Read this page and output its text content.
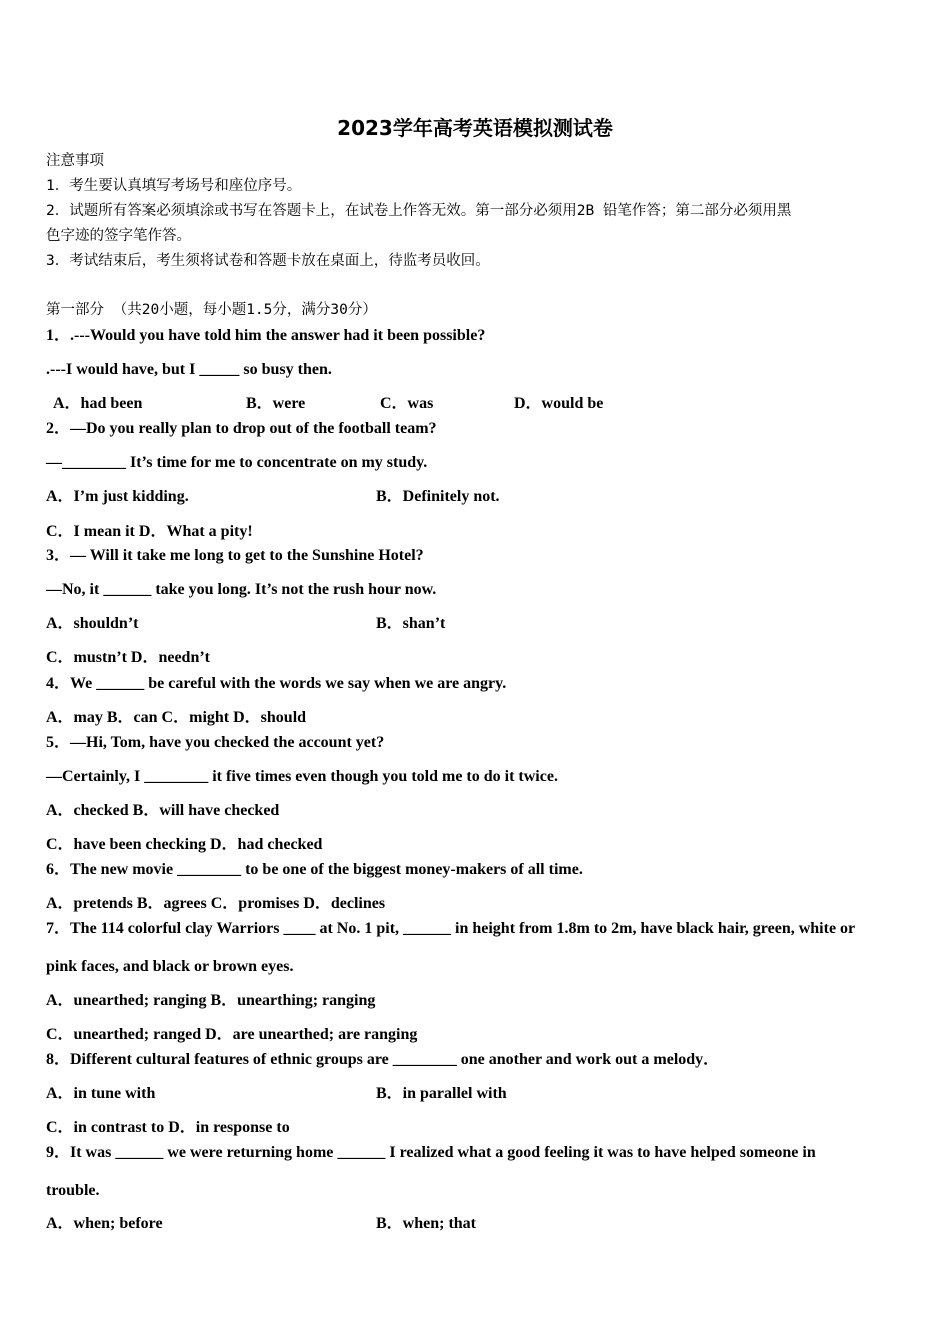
2023学年高考英语模拟测试卷
注意事项
1．考生要认真填写考场号和座位序号。
2．试题所有答案必须填涂或书写在答题卡上，在试卷上作答无效。第一部分必须用2B 铅笔作答；第二部分必须用黑
色字迹的签字笔作答。
3．考试结束后，考生须将试卷和答题卡放在桌面上，待监考员收回。
第一部分 （共20小题，每小题1.5分，满分30分）
1．.---Would you have told him the answer had it been possible?
.---I would have, but I _____ so busy then.
A．had been	B．were	C．was	D．would be
2．—Do you really plan to drop out of the football team?
—________ It’s time for me to concentrate on my study.
A．I’m just kidding.	B．Definitely not.
C．I mean it D．What a pity!
3．— Will it take me long to get to the Sunshine Hotel?
—No, it ______ take you long. It’s not the rush hour now.
A．shouldn’t	B．shan’t
C．mustn’t D．needn’t
4．We ______ be careful with the words we say when we are angry.
A．may B．can C．might D．should
5．—Hi, Tom, have you checked the account yet?
—Certainly, I ________ it five times even though you told me to do it twice.
A．checked B．will have checked
C．have been checking D．had checked
6．The new movie ________ to be one of the biggest money-makers of all time.
A．pretends B．agrees C．promises D．declines
7．The 114 colorful clay Warriors ____ at No. 1 pit, ______ in height from 1.8m to 2m, have black hair, green, white or
pink faces, and black or brown eyes.
A．unearthed; ranging B．unearthing; ranging
C．unearthed; ranged D．are unearthed; are ranging
8．Different cultural features of ethnic groups are ________ one another and work out a melody．
A．in tune with	B．in parallel with
C．in contrast to D．in response to
9．It was ______ we were returning home ______ I realized what a good feeling it was to have helped someone in
trouble.
A．when; before	B．when; that
